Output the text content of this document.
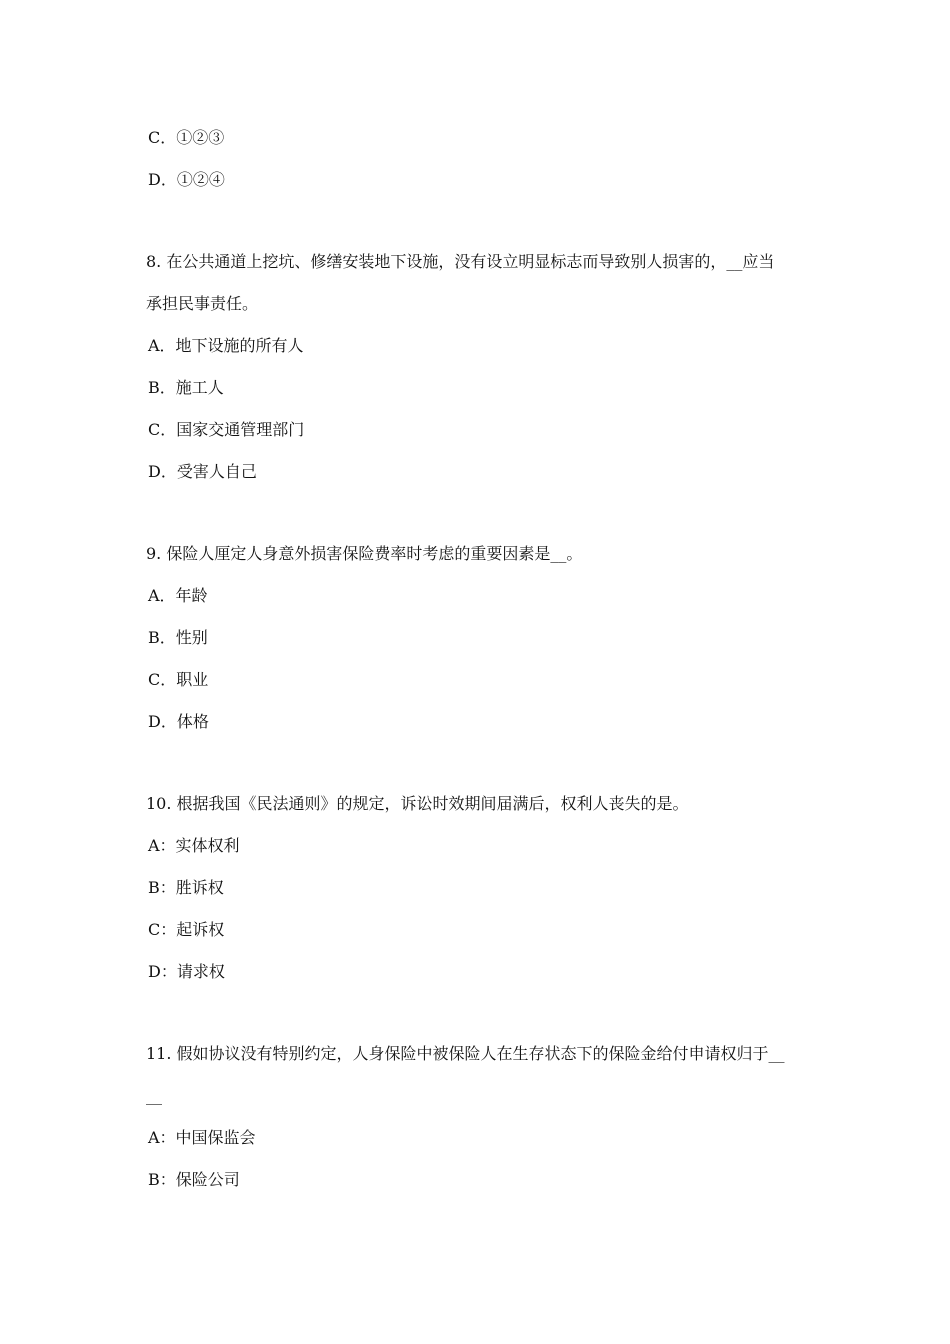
C．①②③
D．①②④
8. 在公共通道上挖坑、修缮安装地下设施，没有设立明显标志而导致别人损害的，__应当
承担民事责任。
A．地下设施的所有人
B．施工人
C．国家交通管理部门
D．受害人自己
9. 保险人厘定人身意外损害保险费率时考虑的重要因素是__。
A．年龄
B．性别
C．职业
D．体格
10. 根据我国《民法通则》的规定，诉讼时效期间届满后，权利人丧失的是。
A：实体权利
B：胜诉权
C：起诉权
D：请求权
11. 假如协议没有特别约定，人身保险中被保险人在生存状态下的保险金给付申请权归于__
__
A：中国保监会
B：保险公司
